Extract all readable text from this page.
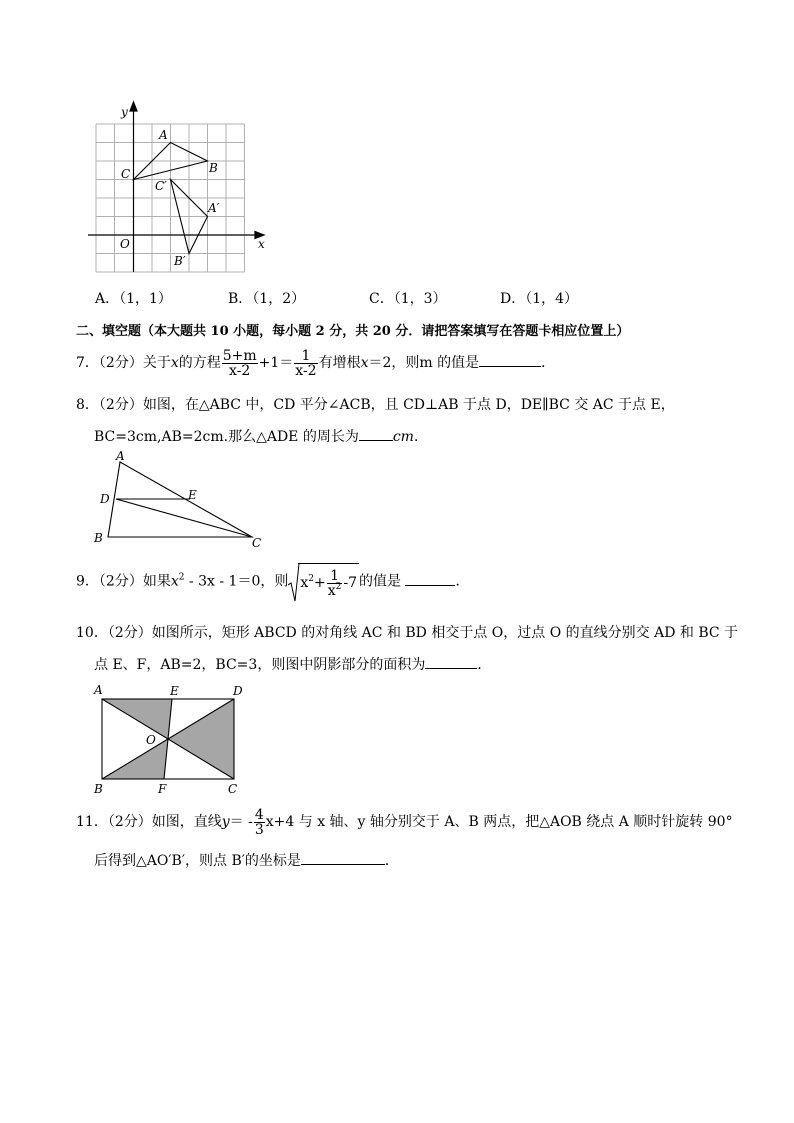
y
x
O
A
B
C
C′
A′
B′
A．（1，1）	B．（1，2）	C．（1，3）	D．（1，4）
二、填空题（本大题共 10 小题，每小题 2 分，共 20 分．请把答案填写在答题卡相应位置上）
7．（2分）关于x的方程 $\frac{5+m}{x-2} +1= \frac{1}{x-2}$ 有增根x＝2，则m 的值是	．
8．（2分）如图，在△ABC 中，CD 平分∠ACB，且 CD⊥AB 于点 D，DE∥BC 交 AC 于点 E，
BC=3cm,AB=2cm.那么△ADE 的周长为 cm．
A
B	C
D	E
9．（2分）如果$x^2 - 3x - 1=0$，则 $x^2+ \frac{1}{x^2} -7$ 的值是	．
10．（2分）如图所示，矩形 ABCD 的对角线 AC 和 BD 相交于点 O，过点 O 的直线分别交 AD 和 BC 于
点 E、F，AB=2，BC=3，则图中阴影部分的面积为	．
A	E	D
O
B	F	C
11．（2分）如图，直线$y= - \frac{4}{3} x+4$ 与 x 轴、y 轴分别交于 A、B 两点，把△AOB 绕点 A 顺时针旋转 90°
后得到△AO′B′，则点 B′的坐标是	．
